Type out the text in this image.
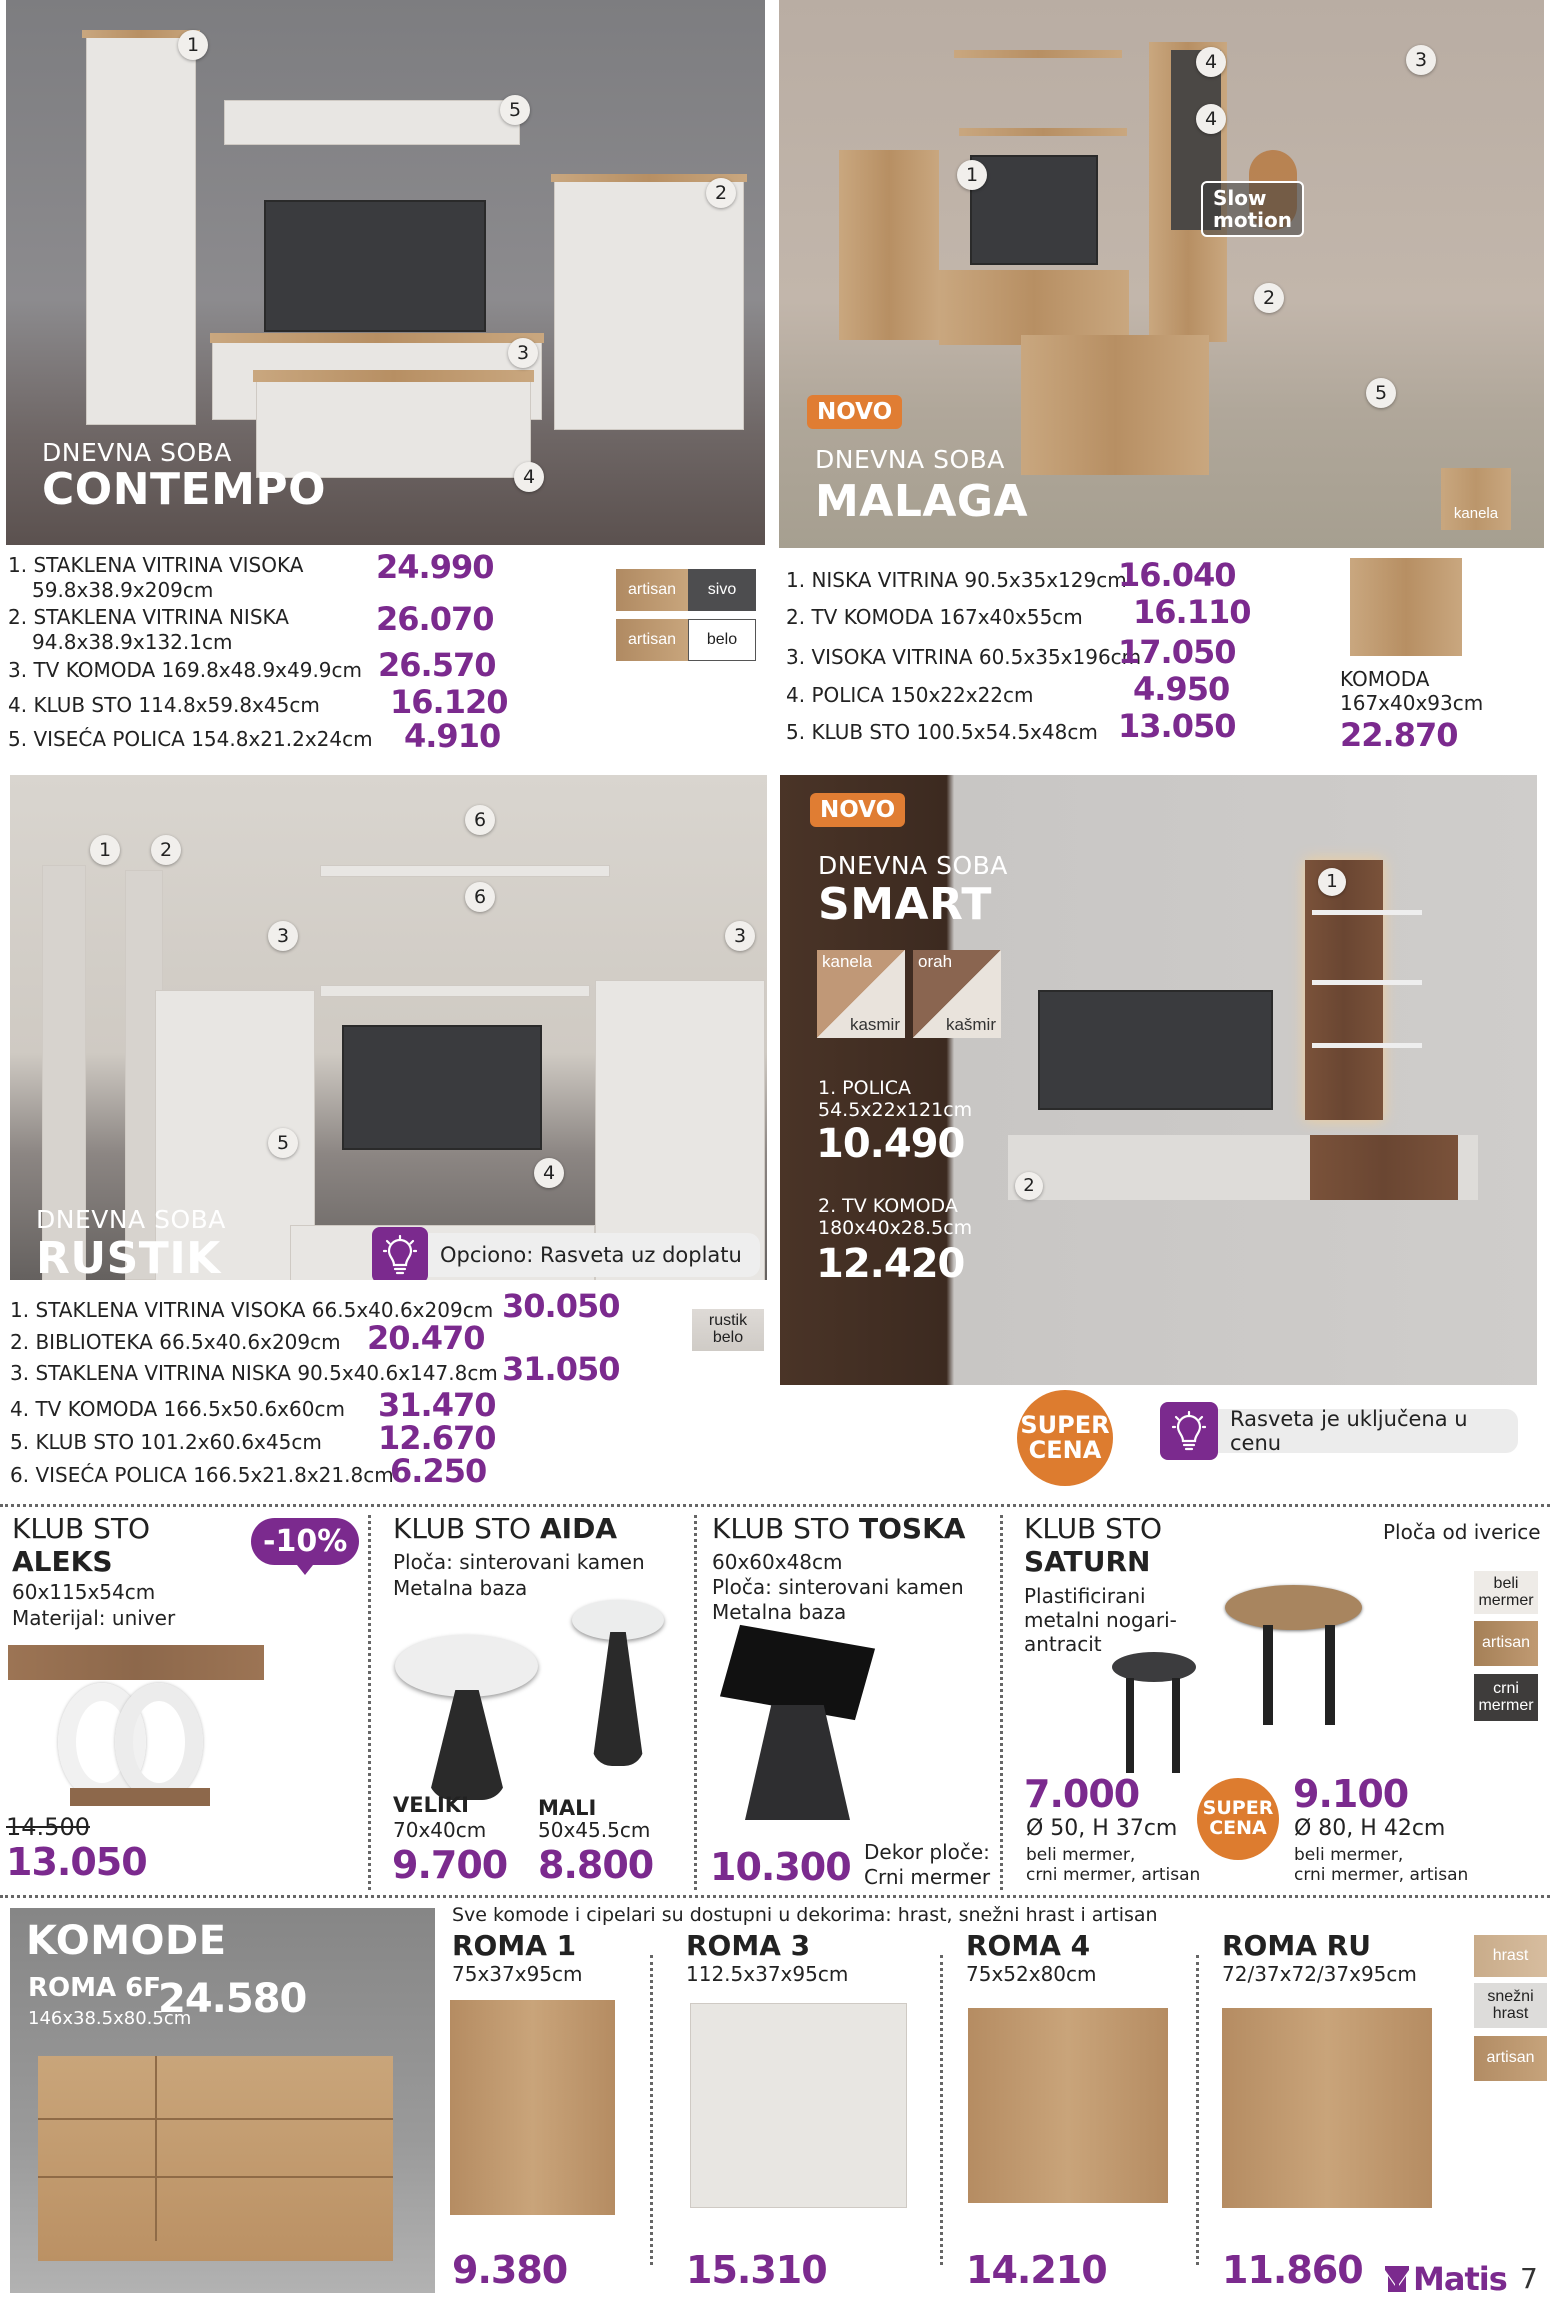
1
2
3
4
5
DNEVNA SOBA
CONTEMPO
1. STAKLENA VITRINA VISOKA
59.8x38.9x209cm
24.990
2. STAKLENA VITRINA NISKA
94.8x38.9x132.1cm
26.070
3. TV KOMODA 169.8x48.9x49.9cm 26.570
4. KLUB STO 114.8x59.8x45cm 16.120
5. VISEĆA POLICA 154.8x21.2x24cm 4.910
artisan	sivo
artisan	belo
1
2
3
4
4
5
Slow
motion
NOVO
DNEVNA SOBA
MALAGA	kanela
1. NISKA VITRINA 90.5x35x129cm
16.040
2. TV KOMODA 167x40x55cm 16.110
3. VISOKA VITRINA 60.5x35x196cm
17.050
4. POLICA 150x22x22cm	4.950
5. KLUB STO 100.5x54.5x48cm 13.050
KOMODA
167x40x93cm
22.870
1	2
3	3
4
5
6
6
DNEVNA SOBA
RUSTIK	Opciono: Rasveta uz doplatu
1. STAKLENA VITRINA VISOKA 66.5x40.6x209cm 30.050
2. BIBLIOTEKA 66.5x40.6x209cm 20.470
3. STAKLENA VITRINA NISKA 90.5x40.6x147.8cm 31.050
4. TV KOMODA 166.5x50.6x60cm 31.470
5. KLUB STO 101.2x60.6x45cm 12.670
6. VISEĆA POLICA 166.5x21.8x21.8cm
6.250
rustik
belo
1
2
NOVO
DNEVNA SOBA
SMART
kanela
kasmir
orah
kašmir
1. POLICA
54.5x22x121cm
10.490
2. TV KOMODA
180x40x28.5cm
12.420
SUPER
CENA
Rasveta je uključena u cenu
KLUB STO
ALEKS
-10%
60x115x54cm
Materijal: univer
14.500
13.050
KLUB STO AIDA
Ploča: sinterovani kamen
Metalna baza
VELIKI
70x40cm
9.700
MALI
50x45.5cm
8.800
KLUB STO TOSKA
60x60x48cm
Ploča: sinterovani kamen
Metalna baza
10.300 Dekor ploče:
Crni mermer
KLUB STO
SATURN
Plastificirani
metalni nogari-
antracit
Ploča od iverice
beli
mermer
artisan
crni
mermer
7.000
Ø 50, H 37cm
beli mermer,
crni mermer, artisan
SUPER
CENA
9.100
Ø 80, H 42cm
beli mermer,
crni mermer, artisan
KOMODE
ROMA 6F
146x38.5x80.5cm
24.580
Sve komode i cipelari su dostupni u dekorima: hrast, snežni hrast i artisan
ROMA 1
75x37x95cm
9.380
ROMA 3
112.5x37x95cm
15.310
ROMA 4
75x52x80cm
14.210
ROMA RU
72/37x72/37x95cm
11.860
hrast
snežni
hrast
artisan
Matis 7
